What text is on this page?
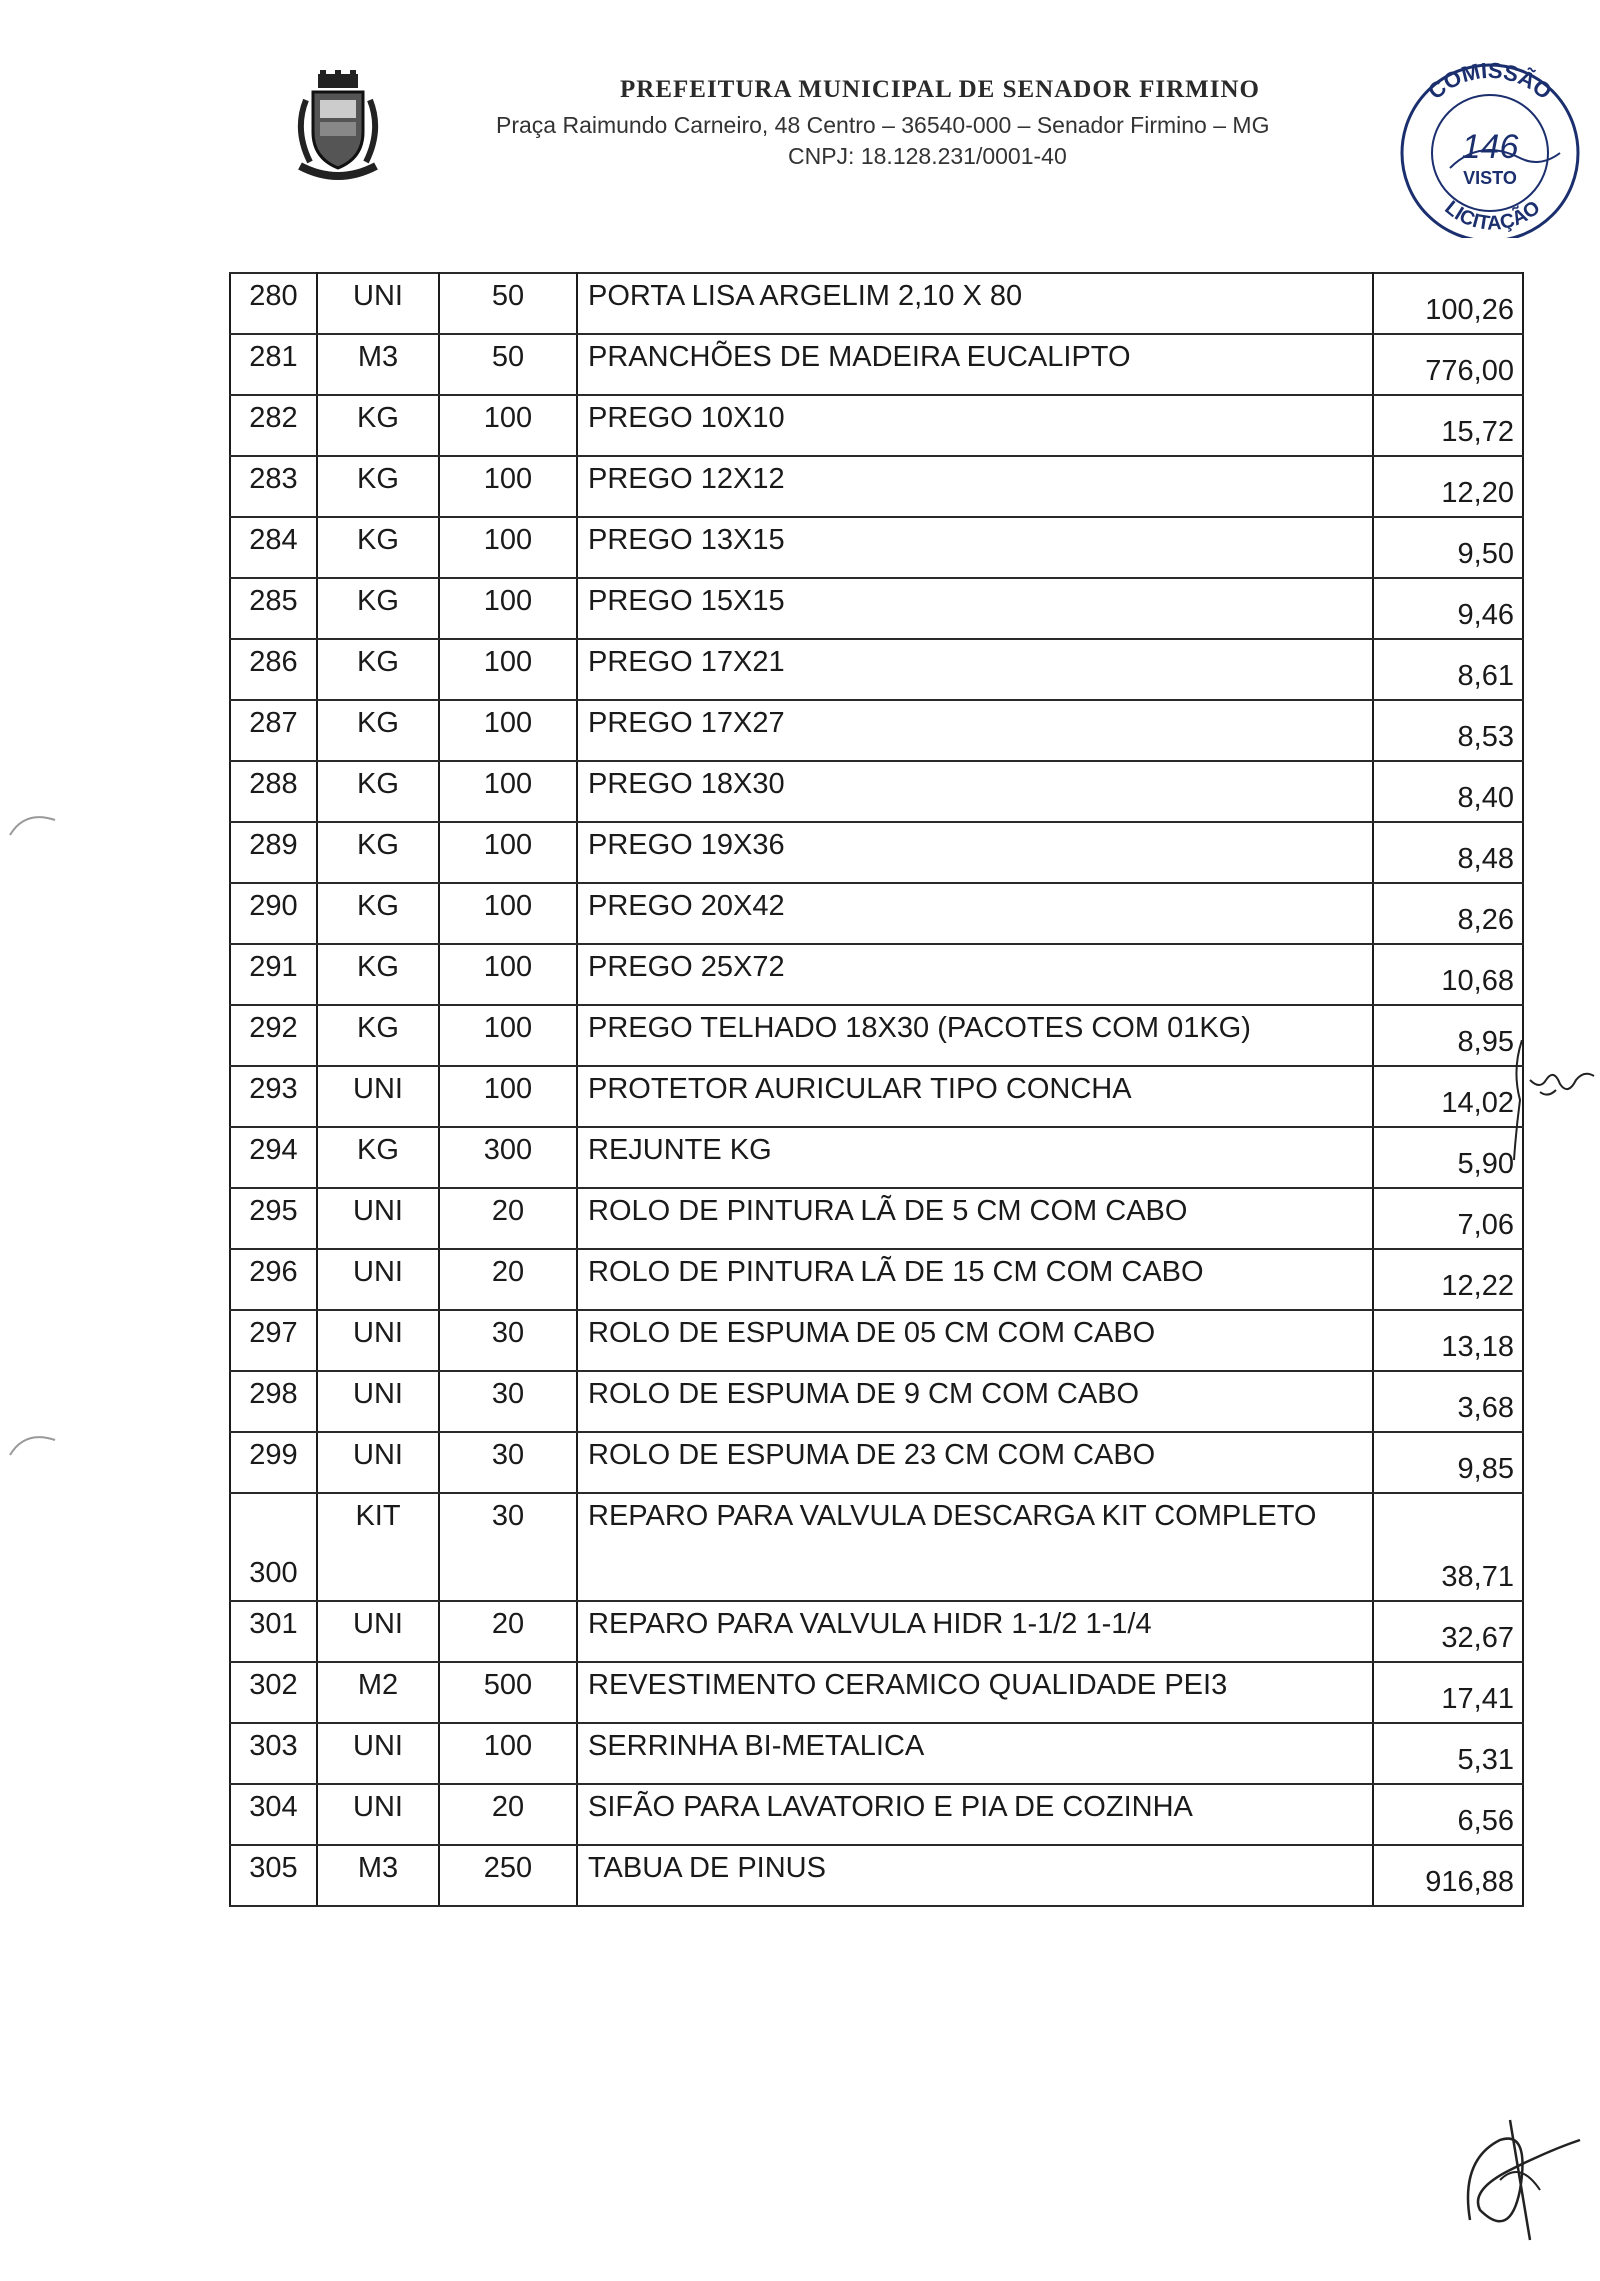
PREFEITURA MUNICIPAL DE SENADOR FIRMINO
Praça Raimundo Carneiro, 48 Centro – 36540-000 – Senador Firmino – MG
CNPJ: 18.128.231/0001-40
COMISSÃO
146
VISTO
LICITAÇÃO
280	UNI	50	PORTA LISA ARGELIM 2,10 X 80	100,26
281	M3	50	PRANCHÕES DE MADEIRA EUCALIPTO	776,00
282	KG	100	PREGO 10X10	15,72
283	KG	100	PREGO 12X12	12,20
284	KG	100	PREGO 13X15	9,50
285	KG	100	PREGO 15X15	9,46
286	KG	100	PREGO 17X21	8,61
287	KG	100	PREGO 17X27	8,53
288	KG	100	PREGO 18X30	8,40
289	KG	100	PREGO 19X36	8,48
290	KG	100	PREGO 20X42	8,26
291	KG	100	PREGO 25X72	10,68
292	KG	100	PREGO TELHADO 18X30 (PACOTES COM 01KG)	8,95
293	UNI	100	PROTETOR AURICULAR TIPO CONCHA	14,02
294	KG	300	REJUNTE KG	5,90
295	UNI	20	ROLO DE PINTURA LÃ DE 5 CM COM CABO	7,06
296	UNI	20	ROLO DE PINTURA LÃ DE 15 CM COM CABO	12,22
297	UNI	30	ROLO DE ESPUMA DE 05 CM COM CABO	13,18
298	UNI	30	ROLO DE ESPUMA DE 9 CM COM CABO	3,68
299	UNI	30	ROLO DE ESPUMA DE 23 CM COM CABO	9,85
300	KIT	30	REPARO PARA VALVULA DESCARGA KIT COMPLETO	38,71
301	UNI	20	REPARO PARA VALVULA HIDR 1-1/2 1-1/4	32,67
302	M2	500	REVESTIMENTO CERAMICO QUALIDADE PEI3	17,41
303	UNI	100	SERRINHA BI-METALICA	5,31
304	UNI	20	SIFÃO PARA LAVATORIO E PIA DE COZINHA	6,56
305	M3	250	TABUA DE PINUS	916,88
